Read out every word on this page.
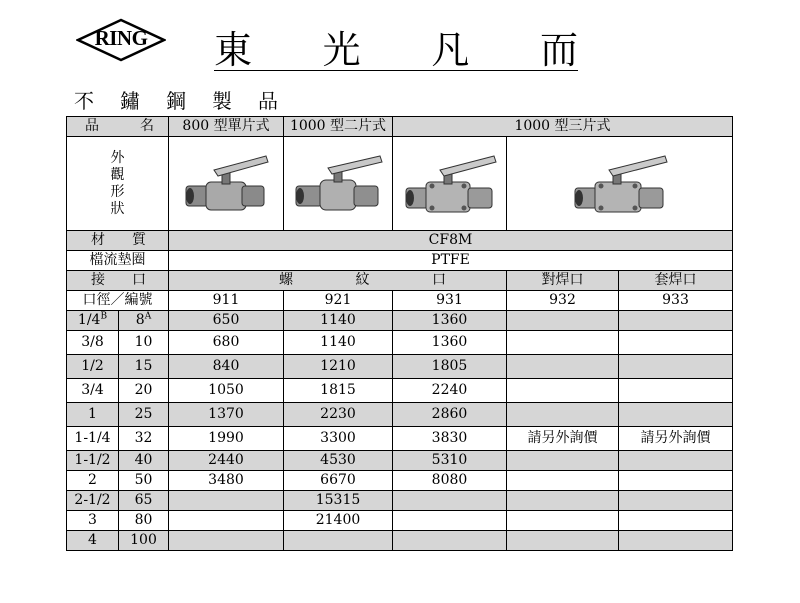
RING	東 光 凡 而
不 鏽 鋼 製 品
品 名		800 型單片式	1000 型二片式	1000 型三片式		

外
觀
形
狀

材 質		CF8M				
檔流墊圈		PTFE				

接 口		螺 紋 口			對焊口	套焊口
口徑／編號		911	921	931	932	933
$1/4^B$	$8^A$	650	1140	1360		
3/8	10	680	1140	1360		
1/2	15	840	1210	1805		
3/4	20	1050	1815	2240		
1	25	1370	2230	2860		
1-1/4	32	1990	3300	3830	請另外詢價	請另外詢價
1-1/2	40	2440	4530	5310		
2	50	3480	6670	8080		
2-1/2	65		15315			
3	80		21400			
4	100					
